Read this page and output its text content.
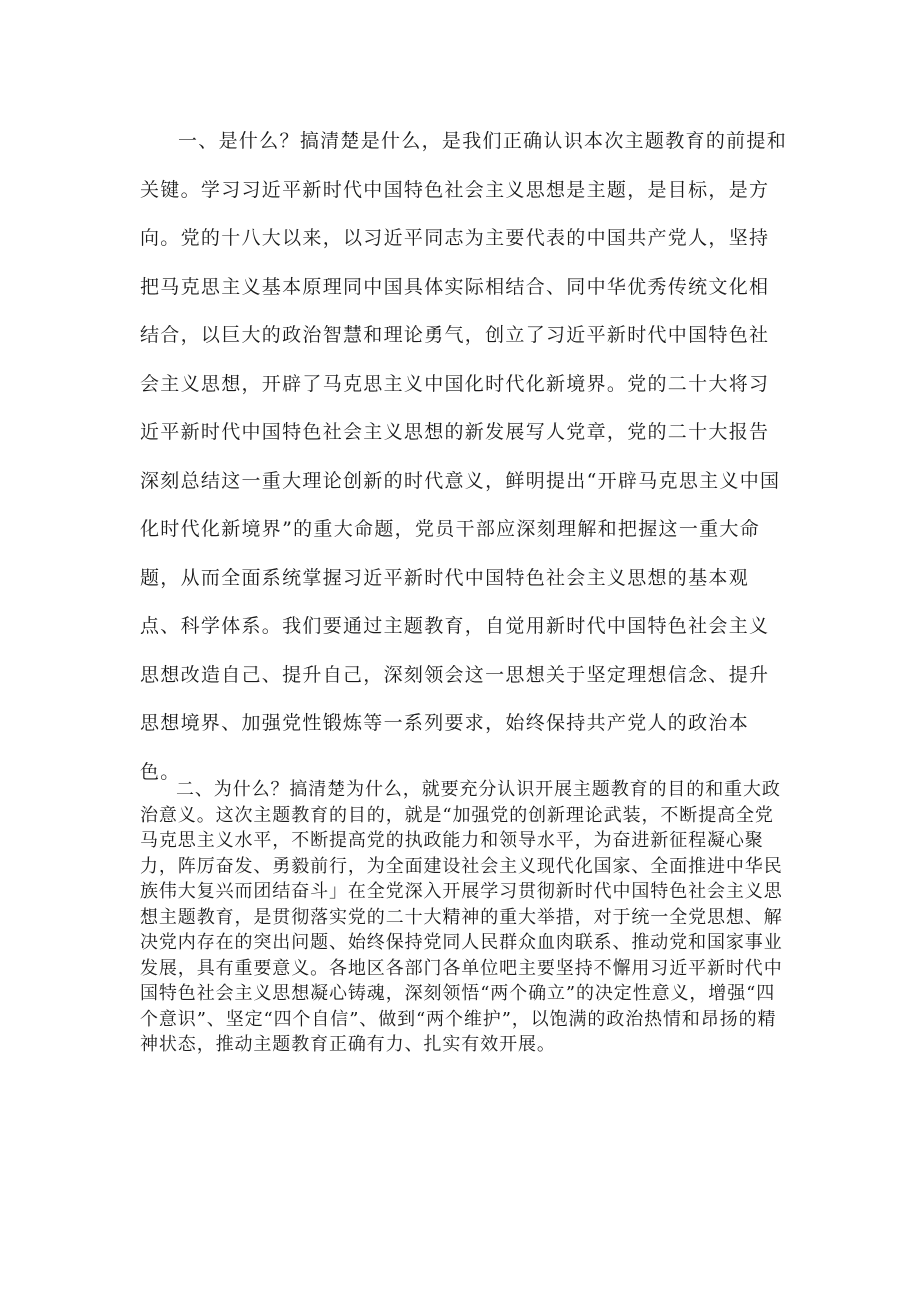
一、是什么？搞清楚是什么，是我们正确认识本次主题教育的前提和关键。学习习近平新时代中国特色社会主义思想是主题，是目标，是方向。党的十八大以来，以习近平同志为主要代表的中国共产党人，坚持把马克思主义基本原理同中国具体实际相结合、同中华优秀传统文化相结合，以巨大的政治智慧和理论勇气，创立了习近平新时代中国特色社会主义思想，开辟了马克思主义中国化时代化新境界。党的二十大将习近平新时代中国特色社会主义思想的新发展写人党章，党的二十大报告深刻总结这一重大理论创新的时代意义，鲜明提出“开辟马克思主义中国化时代化新境界”的重大命题，党员干部应深刻理解和把握这一重大命题，从而全面系统掌握习近平新时代中国特色社会主义思想的基本观点、科学体系。我们要通过主题教育，自觉用新时代中国特色社会主义思想改造自己、提升自己，深刻领会这一思想关于坚定理想信念、提升思想境界、加强党性锻炼等一系列要求，始终保持共产党人的政治本色。

二、为什么？搞清楚为什么，就要充分认识开展主题教育的目的和重大政治意义。这次主题教育的目的，就是“加强党的创新理论武装，不断提高全党马克思主义水平，不断提高党的执政能力和领导水平，为奋进新征程凝心聚力，阵厉奋发、勇毅前行，为全面建设社会主义现代化国家、全面推进中华民族伟大复兴而团结奋斗」在全党深入开展学习贯彻新时代中国特色社会主义思想主题教育，是贯彻落实党的二十大精神的重大举措，对于统一全党思想、解决党内存在的突出问题、始终保持党同人民群众血肉联系、推动党和国家事业发展，具有重要意义。各地区各部门各单位吧主要坚持不懈用习近平新时代中国特色社会主义思想凝心铸魂，深刻领悟“两个确立”的决定性意义，增强“四个意识”、坚定“四个自信”、做到“两个维护”，以饱满的政治热情和昂扬的精神状态，推动主题教育正确有力、扎实有效开展。
